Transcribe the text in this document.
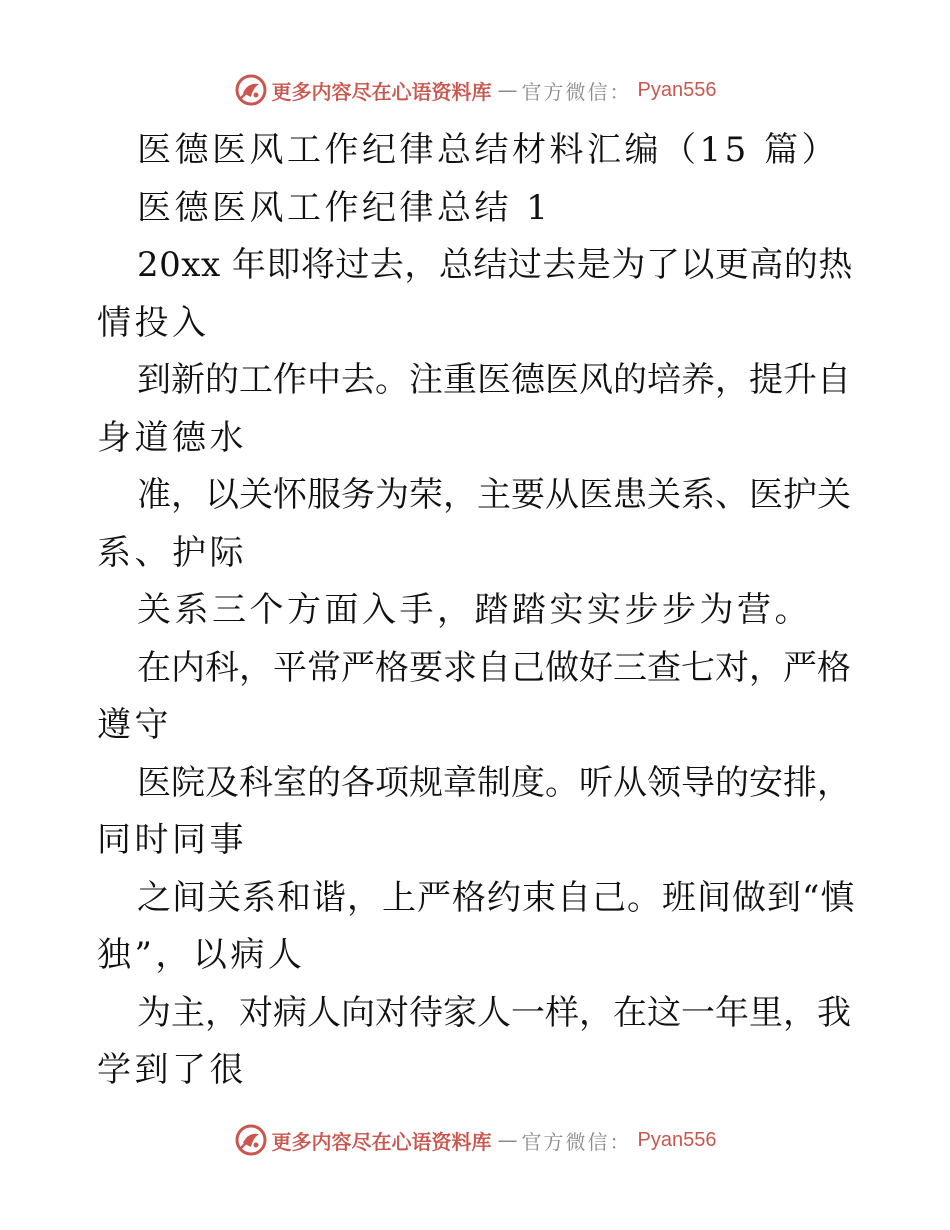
更多内容尽在心语资料库 — 官方微信： Pyan556
医德医风工作纪律总结材料汇编（15 篇）
医德医风工作纪律总结 1
20xx 年即将过去，总结过去是为了以更高的热
情投入
到新的工作中去。注重医德医风的培养，提升自
身道德水
准，以关怀服务为荣，主要从医患关系、医护关
系、护际
关系三个方面入手，踏踏实实步步为营。
在内科，平常严格要求自己做好三查七对，严格
遵守
医院及科室的各项规章制度。听从领导的安排，
同时同事
之间关系和谐，上严格约束自己。班间做到“慎
独”，以病人
为主，对病人向对待家人一样，在这一年里，我
学到了很
更多内容尽在心语资料库 — 官方微信： Pyan556
